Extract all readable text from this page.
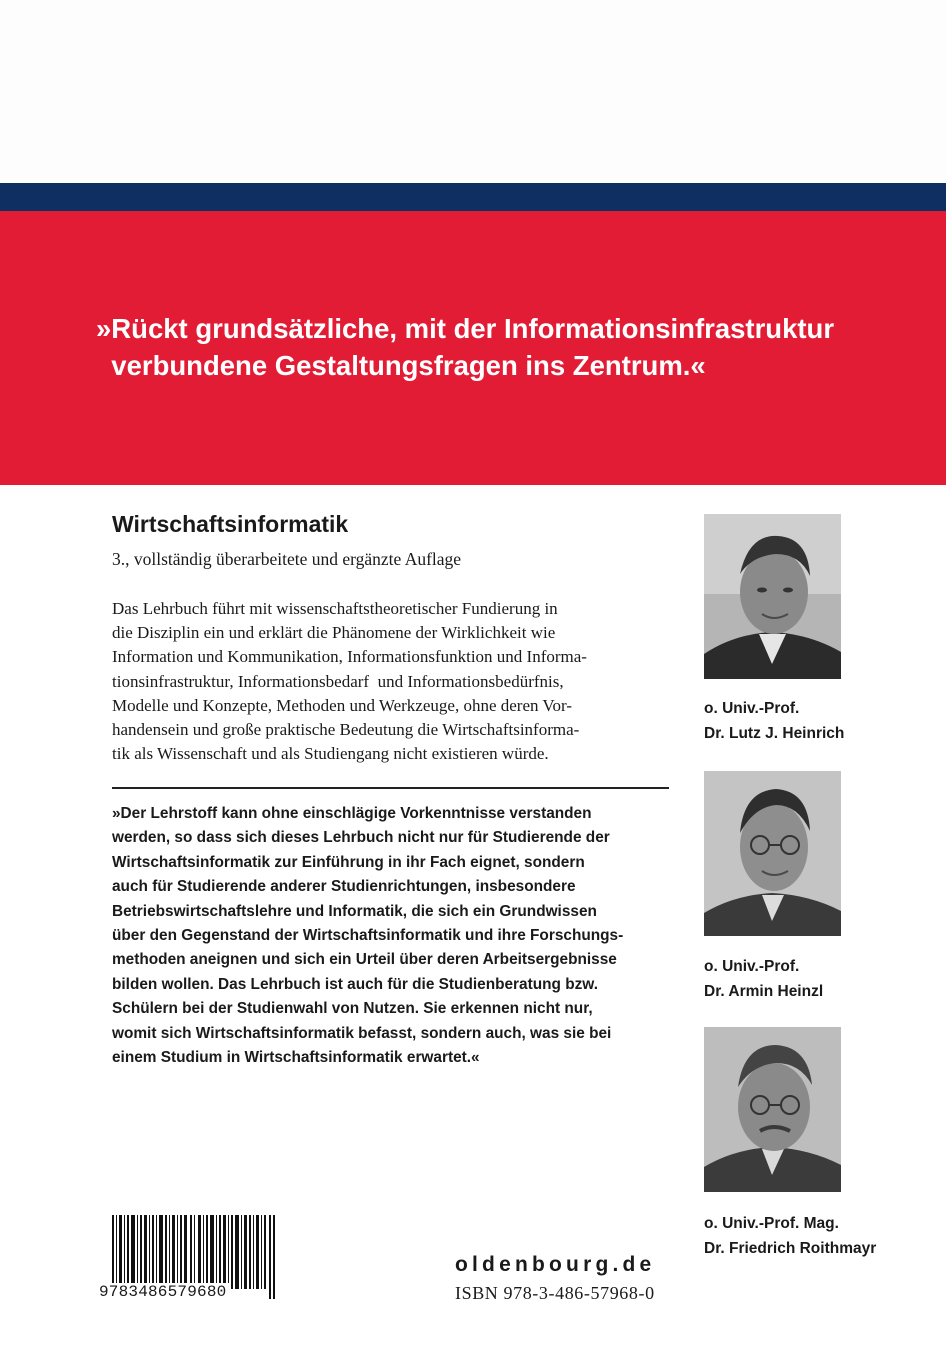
»Rückt grundsätzliche, mit der Informationsinfrastruktur
verbundene Gestaltungsfragen ins Zentrum.«
Wirtschaftsinformatik
3., vollständig überarbeitete und ergänzte Auflage
Das Lehrbuch führt mit wissenschaftstheoretischer Fundierung in
die Disziplin ein und erklärt die Phänomene der Wirklichkeit wie
Information und Kommunikation, Informationsfunktion und Informa-
tionsinfrastruktur, Informationsbedarf  und Informationsbedürfnis,
Modelle und Konzepte, Methoden und Werkzeuge, ohne deren Vor-
handensein und große praktische Bedeutung die Wirtschaftsinforma-
tik als Wissenschaft und als Studiengang nicht existieren würde.
»Der Lehrstoff kann ohne einschlägige Vorkenntnisse verstanden
werden, so dass sich dieses Lehrbuch nicht nur für Studierende der
Wirtschaftsinformatik zur Einführung in ihr Fach eignet, sondern
auch für Studierende anderer Studienrichtungen, insbesondere
Betriebswirtschaftslehre und Informatik, die sich ein Grundwissen
über den Gegenstand der Wirtschaftsinformatik und ihre Forschungs-
methoden aneignen und sich ein Urteil über deren Arbeitsergebnisse
bilden wollen. Das Lehrbuch ist auch für die Studienberatung bzw.
Schülern bei der Studienwahl von Nutzen. Sie erkennen nicht nur,
womit sich Wirtschaftsinformatik befasst, sondern auch, was sie bei
einem Studium in Wirtschaftsinformatik erwartet.«
o. Univ.-Prof.
Dr. Lutz J. Heinrich
o. Univ.-Prof.
Dr. Armin Heinzl
o. Univ.-Prof. Mag.
Dr. Friedrich Roithmayr
9783486579680
oldenbourg.de
ISBN 978-3-486-57968-0
